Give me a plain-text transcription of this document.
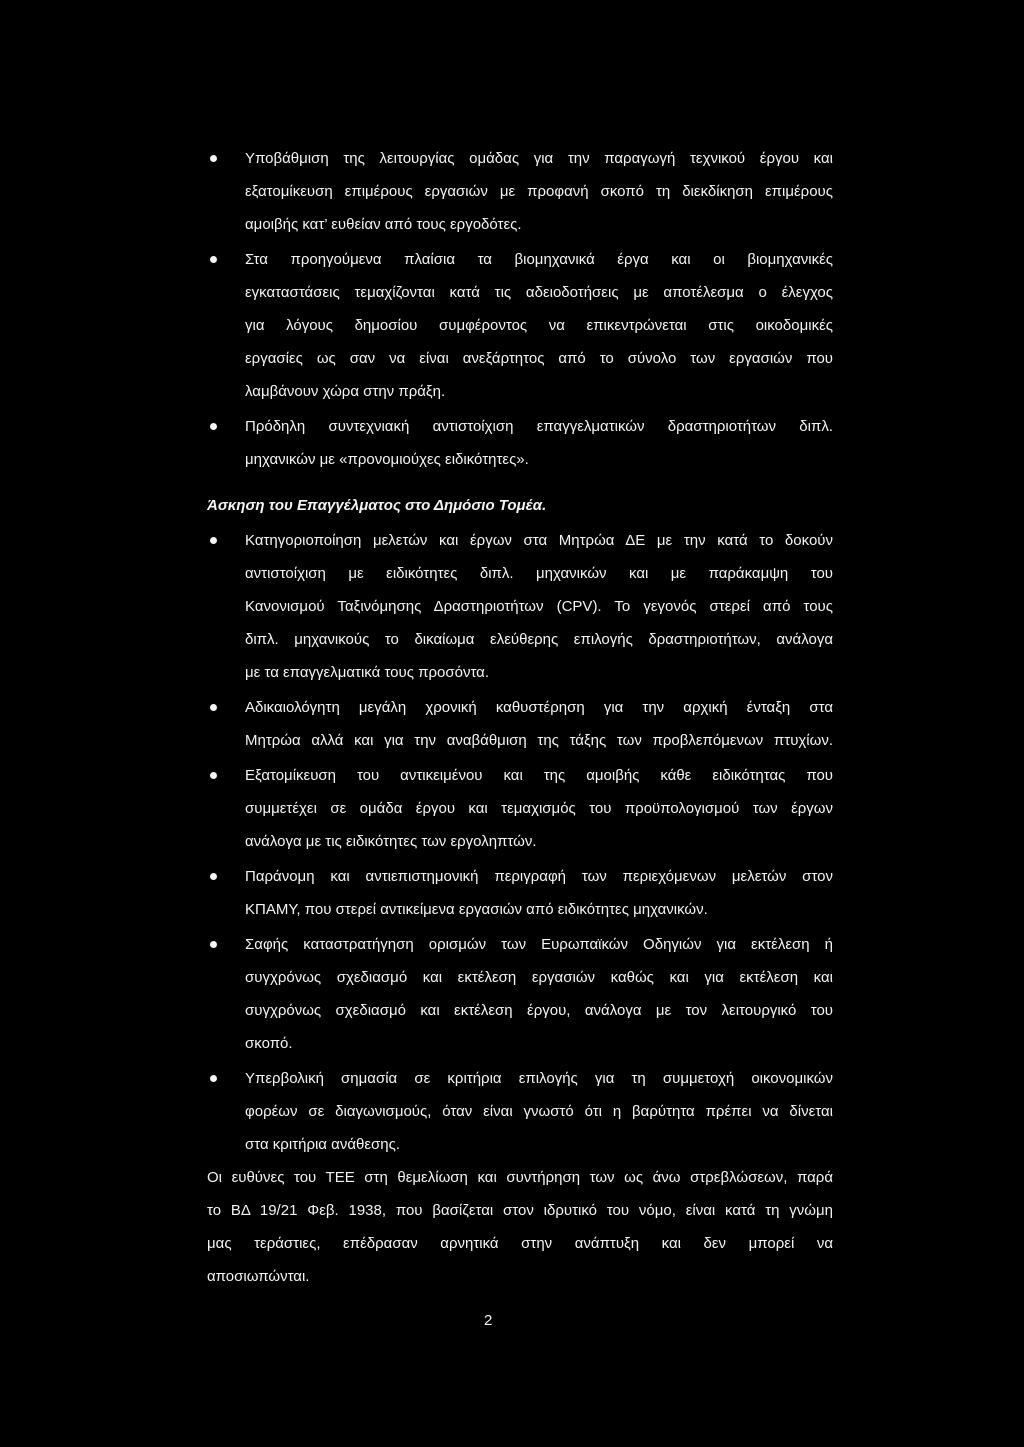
Υποβάθμιση της λειτουργίας ομάδας για την παραγωγή τεχνικού έργου και
εξατομίκευση επιμέρους εργασιών με προφανή σκοπό τη διεκδίκηση επιμέρους
αμοιβής κατ’ ευθείαν από τους εργοδότες.
Στα προηγούμενα πλαίσια τα βιομηχανικά έργα και οι βιομηχανικές
εγκαταστάσεις τεμαχίζονται κατά τις αδειοδοτήσεις με αποτέλεσμα ο έλεγχος
για λόγους δημοσίου συμφέροντος να επικεντρώνεται στις οικοδομικές
εργασίες ως σαν να είναι ανεξάρτητος από το σύνολο των εργασιών που
λαμβάνουν χώρα στην πράξη.
Πρόδηλη συντεχνιακή αντιστοίχιση επαγγελματικών δραστηριοτήτων διπλ.
μηχανικών με «προνομιούχες ειδικότητες».
Άσκηση του Επαγγέλματος στο Δημόσιο Τομέα.
Κατηγοριοποίηση μελετών και έργων στα Μητρώα ΔΕ με την κατά το δοκούν
αντιστοίχιση με ειδικότητες διπλ. μηχανικών και με παράκαμψη του
Κανονισμού Ταξινόμησης Δραστηριοτήτων (CPV). Το γεγονός στερεί από τους
διπλ. μηχανικούς το δικαίωμα ελεύθερης επιλογής δραστηριοτήτων, ανάλογα
με τα επαγγελματικά τους προσόντα.
Αδικαιολόγητη μεγάλη χρονική καθυστέρηση για την αρχική ένταξη στα
Μητρώα αλλά και για την αναβάθμιση της τάξης των προβλεπόμενων πτυχίων.
Εξατομίκευση του αντικειμένου και της αμοιβής κάθε ειδικότητας που
συμμετέχει σε ομάδα έργου και τεμαχισμός του προϋπολογισμού των έργων
ανάλογα με τις ειδικότητες των εργοληπτών.
Παράνομη και αντιεπιστημονική περιγραφή των περιεχόμενων μελετών στον
ΚΠΑΜΥ, που στερεί αντικείμενα εργασιών από ειδικότητες μηχανικών.
Σαφής καταστρατήγηση ορισμών των Ευρωπαϊκών Οδηγιών για εκτέλεση ή
συγχρόνως σχεδιασμό και εκτέλεση εργασιών καθώς και για εκτέλεση και
συγχρόνως σχεδιασμό και εκτέλεση έργου, ανάλογα με τον λειτουργικό του
σκοπό.
Υπερβολική σημασία σε κριτήρια επιλογής για τη συμμετοχή οικονομικών
φορέων σε διαγωνισμούς, όταν είναι γνωστό ότι η βαρύτητα πρέπει να δίνεται
στα κριτήρια ανάθεσης.
Οι ευθύνες του ΤΕΕ στη θεμελίωση και συντήρηση των ως άνω στρεβλώσεων, παρά
το ΒΔ 19/21 Φεβ. 1938, που βασίζεται στον ιδρυτικό του νόμο, είναι κατά τη γνώμη
μας τεράστιες, επέδρασαν αρνητικά στην ανάπτυξη και δεν μπορεί να
αποσιωπώνται.
2
